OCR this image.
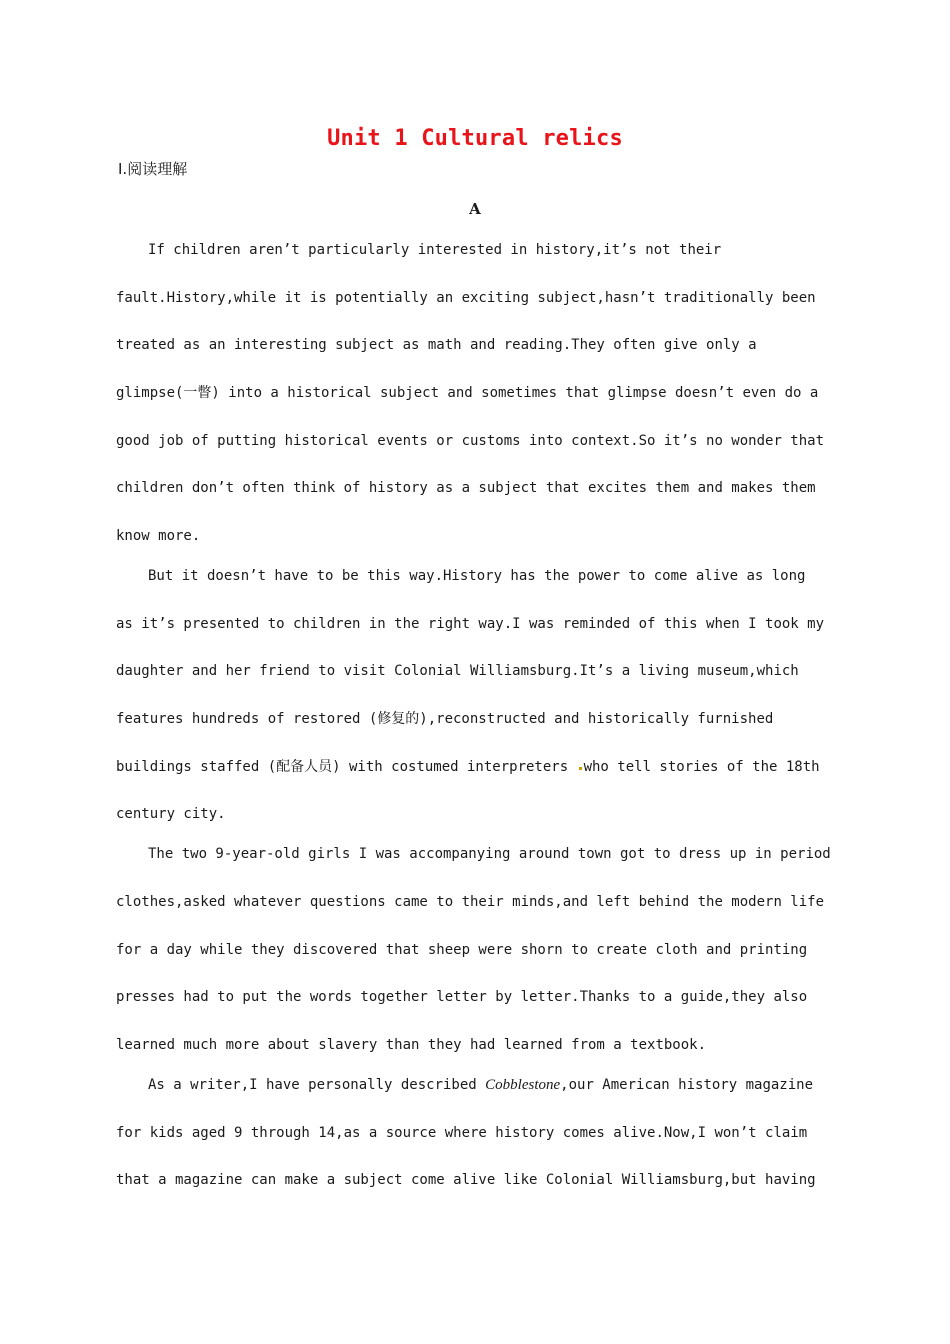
Unit 1 Cultural relics
Ⅰ.阅读理解
A
If children aren’t particularly interested in history,it’s not their
fault.History,while it is potentially an exciting subject,hasn’t traditionally been
treated as an interesting subject as math and reading.They often give only a
glimpse(一瞥) into a historical subject and sometimes that glimpse doesn’t even do a
good job of putting historical events or customs into context.So it’s no wonder that
children don’t often think of history as a subject that excites them and makes them
know more.
But it doesn’t have to be this way.History has the power to come alive as long
as it’s presented to children in the right way.I was reminded of this when I took my
daughter and her friend to visit Colonial Williamsburg.It’s a living museum,which
features hundreds of restored (修复的),reconstructed and historically furnished
buildings staffed (配备人员) with costumed interpreters who tell stories of the 18th
century city.
The two 9-year-old girls I was accompanying around town got to dress up in period
clothes,asked whatever questions came to their minds,and left behind the modern life
for a day while they discovered that sheep were shorn to create cloth and printing
presses had to put the words together letter by letter.Thanks to a guide,they also
learned much more about slavery than they had learned from a textbook.
As a writer,I have personally described Cobblestone,our American history magazine
for kids aged 9 through 14,as a source where history comes alive.Now,I won’t claim
that a magazine can make a subject come alive like Colonial Williamsburg,but having
